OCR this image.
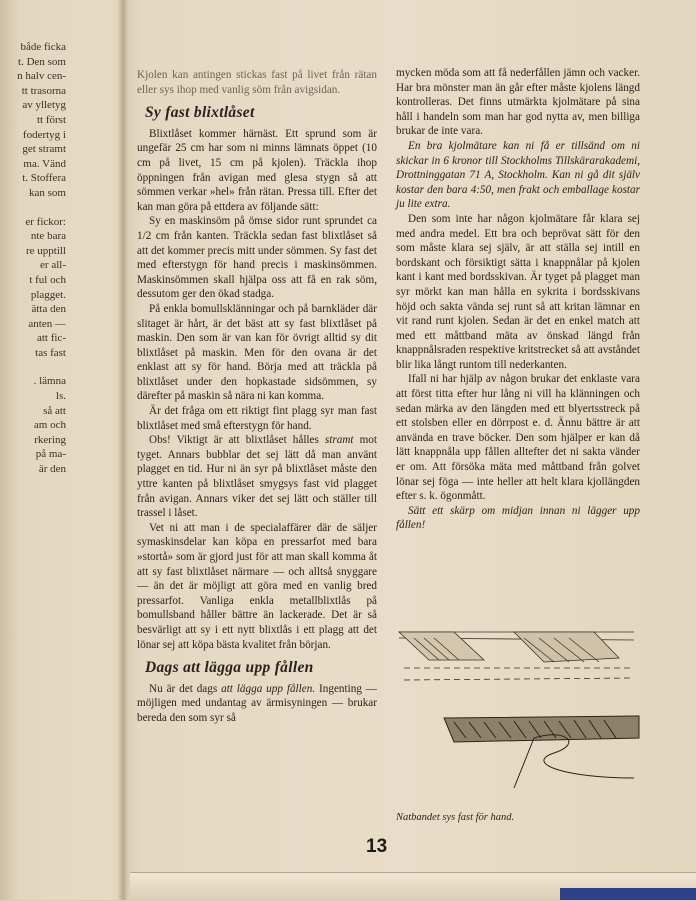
både ficka
t. Den som
n halv cen-
tt trasorna
av ylletyg
tt först
fodertyg i
get stramt
ma. Vänd
t. Stoffera
kan som
er fickor:
nte bara
re upptill
er all-
t ful och
plagget.
ätta den
anten —
att fic-
tas fast
. lämna
ls.
så att
am och
rkering
på ma-
är den

Kjolen kan antingen stickas fast på livet från rätan eller sys ihop med vanlig söm från avigsidan.

Sy fast blixtlåset

Blixtlåset kommer härnäst. Ett sprund som är ungefär 25 cm har som ni minns lämnats öppet (10 cm på livet, 15 cm på kjolen). Träckla ihop öppningen från avigan med glesa stygn så att sömmen verkar »hel» från rätan. Pressa till. Efter det kan man göra på ettdera av följande sätt:

Sy en maskinsöm på ömse sidor runt sprundet ca 1/2 cm från kanten. Träckla sedan fast blixtlåset så att det kommer precis mitt under sömmen. Sy fast det med efterstygn för hand precis i maskinsömmen. Maskinsömmen skall hjälpa oss att få en rak söm, dessutom ger den ökad stadga.

På enkla bomullsklänningar och på barnkläder där slitaget är hårt, är det bäst att sy fast blixtlåset på maskin. Den som är van kan för övrigt alltid sy dit blixtlåset på maskin. Men för den ovana är det enklast att sy för hand. Börja med att träckla på blixtlåset under den hopkastade sidsömmen, sy därefter på maskin så nära ni kan komma.

Är det fråga om ett riktigt fint plagg syr man fast blixtlåset med små efterstygn för hand.

Obs! Viktigt är att blixtlåset hålles stramt mot tyget. Annars bubblar det sej lätt då man använt plagget en tid. Hur ni än syr på blixtlåset måste den yttre kanten på blixtlåset smygsys fast vid plagget från avigan. Annars viker det sej lätt och ställer till trassel i låset.

Vet ni att man i de specialaffärer där de säljer symaskinsdelar kan köpa en pressarfot med bara »stortå» som är gjord just för att man skall komma åt att sy fast blixtlåset närmare — och alltså snyggare — än det är möjligt att göra med en vanlig bred pressarfot. Vanliga enkla metallblixtlås på bomullsband håller bättre än lackerade. Det är så besvärligt att sy i ett nytt blixtlås i ett plagg att det lönar sej att köpa bästa kvalitet från början.

Dags att lägga upp fållen

Nu är det dags att lägga upp fållen. Ingenting — möjligen med undantag av ärmisyningen — brukar bereda den som syr så

mycken möda som att få nederfållen jämn och vacker. Har bra mönster man än går efter måste kjolens längd kontrolleras. Det finns utmärkta kjolmätare på sina håll i handeln som man har god nytta av, men billiga brukar de inte vara.

En bra kjolmätare kan ni få er tillsänd om ni skickar in 6 kronor till Stockholms Tillskärarakademi, Drottninggatan 71 A, Stockholm. Kan ni gå dit själv kostar den bara 4:50, men frakt och emballage kostar ju lite extra.

Den som inte har någon kjolmätare får klara sej med andra medel. Ett bra och beprövat sätt för den som måste klara sej själv, är att ställa sej intill en bordskant och försiktigt sätta i knappnålar på kjolen kant i kant med bordsskivan. Är tyget på plagget man syr mörkt kan man hålla en sykrita i bordsskivans höjd och sakta vända sej runt så att kritan lämnar en vit rand runt kjolen. Sedan är det en enkel match att med ett måttband mäta av önskad längd från knappnålsraden respektive kritstrecket så att avståndet blir lika långt runtom till nederkanten.

Ifall ni har hjälp av någon brukar det enklaste vara att först titta efter hur lång ni vill ha klänningen och sedan märka av den längden med ett blyertsstreck på ett stolsben eller en dörrpost e. d. Ännu bättre är att använda en trave böcker. Den som hjälper er kan då lätt knappnåla upp fållen alltefter det ni sakta vänder er om. Att försöka mäta med måttband från golvet lönar sej föga — inte heller att helt klara kjollängden efter s. k. ögonmått.

Sätt ett skärp om midjan innan ni lägger upp fållen!

Natbandet sys fast för hand.
13
